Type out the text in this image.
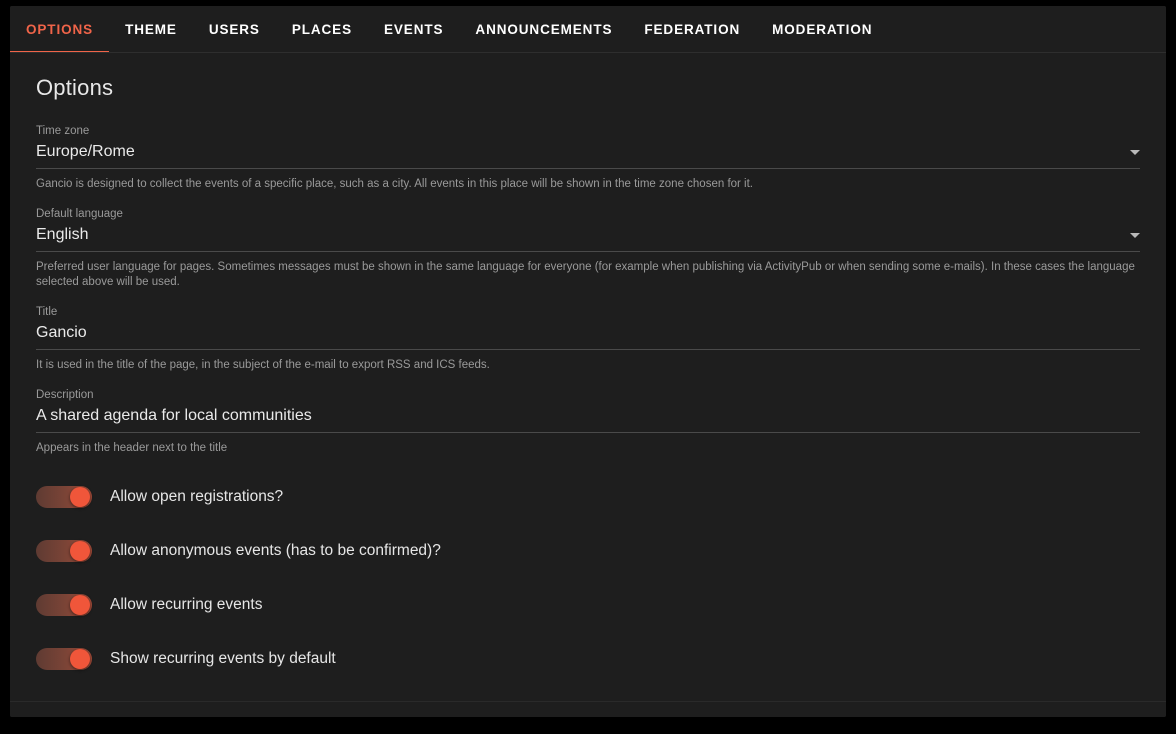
OPTIONS THEME USERS PLACES EVENTS ANNOUNCEMENTS FEDERATION MODERATION
Options
Time zone
Europe/Rome
Gancio is designed to collect the events of a specific place, such as a city. All events in this place will be shown in the time zone chosen for it.
Default language
English
Preferred user language for pages. Sometimes messages must be shown in the same language for everyone (for example when publishing via ActivityPub or when sending some e-mails). In these cases the language selected above will be used.
Title
Gancio
It is used in the title of the page, in the subject of the e-mail to export RSS and ICS feeds.
Description
A shared agenda for local communities
Appears in the header next to the title
Allow open registrations?
Allow anonymous events (has to be confirmed)?
Allow recurring events
Show recurring events by default
